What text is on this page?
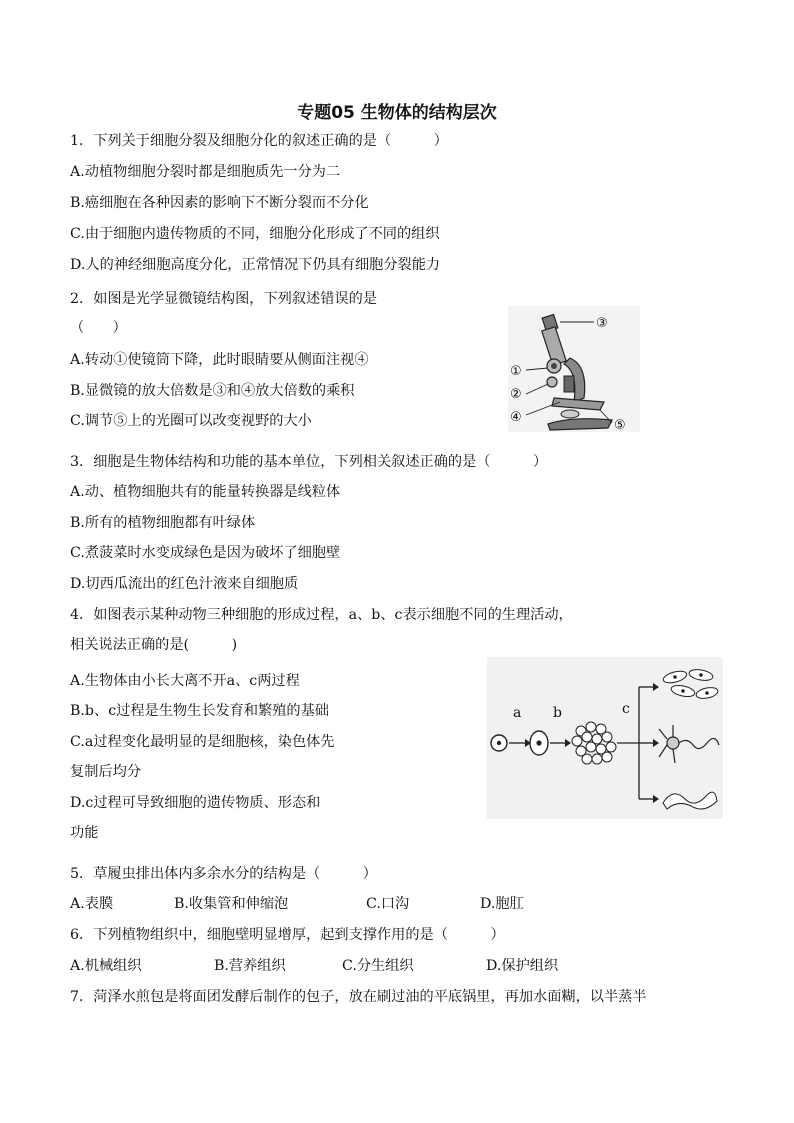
专题05 生物体的结构层次
1．下列关于细胞分裂及细胞分化的叙述正确的是（　　　）
A.动植物细胞分裂时都是细胞质先一分为二
B.癌细胞在各种因素的影响下不断分裂而不分化
C.由于细胞内遗传物质的不同，细胞分化形成了不同的组织
D.人的神经细胞高度分化，正常情况下仍具有细胞分裂能力
2．如图是光学显微镜结构图，下列叙述错误的是
（　　）
A.转动①使镜筒下降，此时眼睛要从侧面注视④
B.显微镜的放大倍数是③和④放大倍数的乘积
C.调节⑤上的光圈可以改变视野的大小
③
①
②
④
⑤
3．细胞是生物体结构和功能的基本单位，下列相关叙述正确的是（　　　）
A.动、植物细胞共有的能量转换器是线粒体
B.所有的植物细胞都有叶绿体
C.煮菠菜时水变成绿色是因为破坏了细胞壁
D.切西瓜流出的红色汁液来自细胞质
4．如图表示某种动物三种细胞的形成过程，a、b、c表示细胞不同的生理活动，
相关说法正确的是(　　　)
A.生物体由小长大离不开a、c两过程
B.b、c过程是生物生长发育和繁殖的基础
C.a过程变化最明显的是细胞核，染色体先
复制后均分
D.c过程可导致细胞的遗传物质、形态和
功能
a b	c
5．草履虫排出体内多余水分的结构是（　　　）
A.表膜	B.收集管和伸缩泡	C.口沟	D.胞肛
6．下列植物组织中，细胞壁明显增厚，起到支撑作用的是（　　　）
A.机械组织	B.营养组织	C.分生组织	D.保护组织
7．菏泽水煎包是将面团发酵后制作的包子，放在刷过油的平底锅里，再加水面糊，以半蒸半
